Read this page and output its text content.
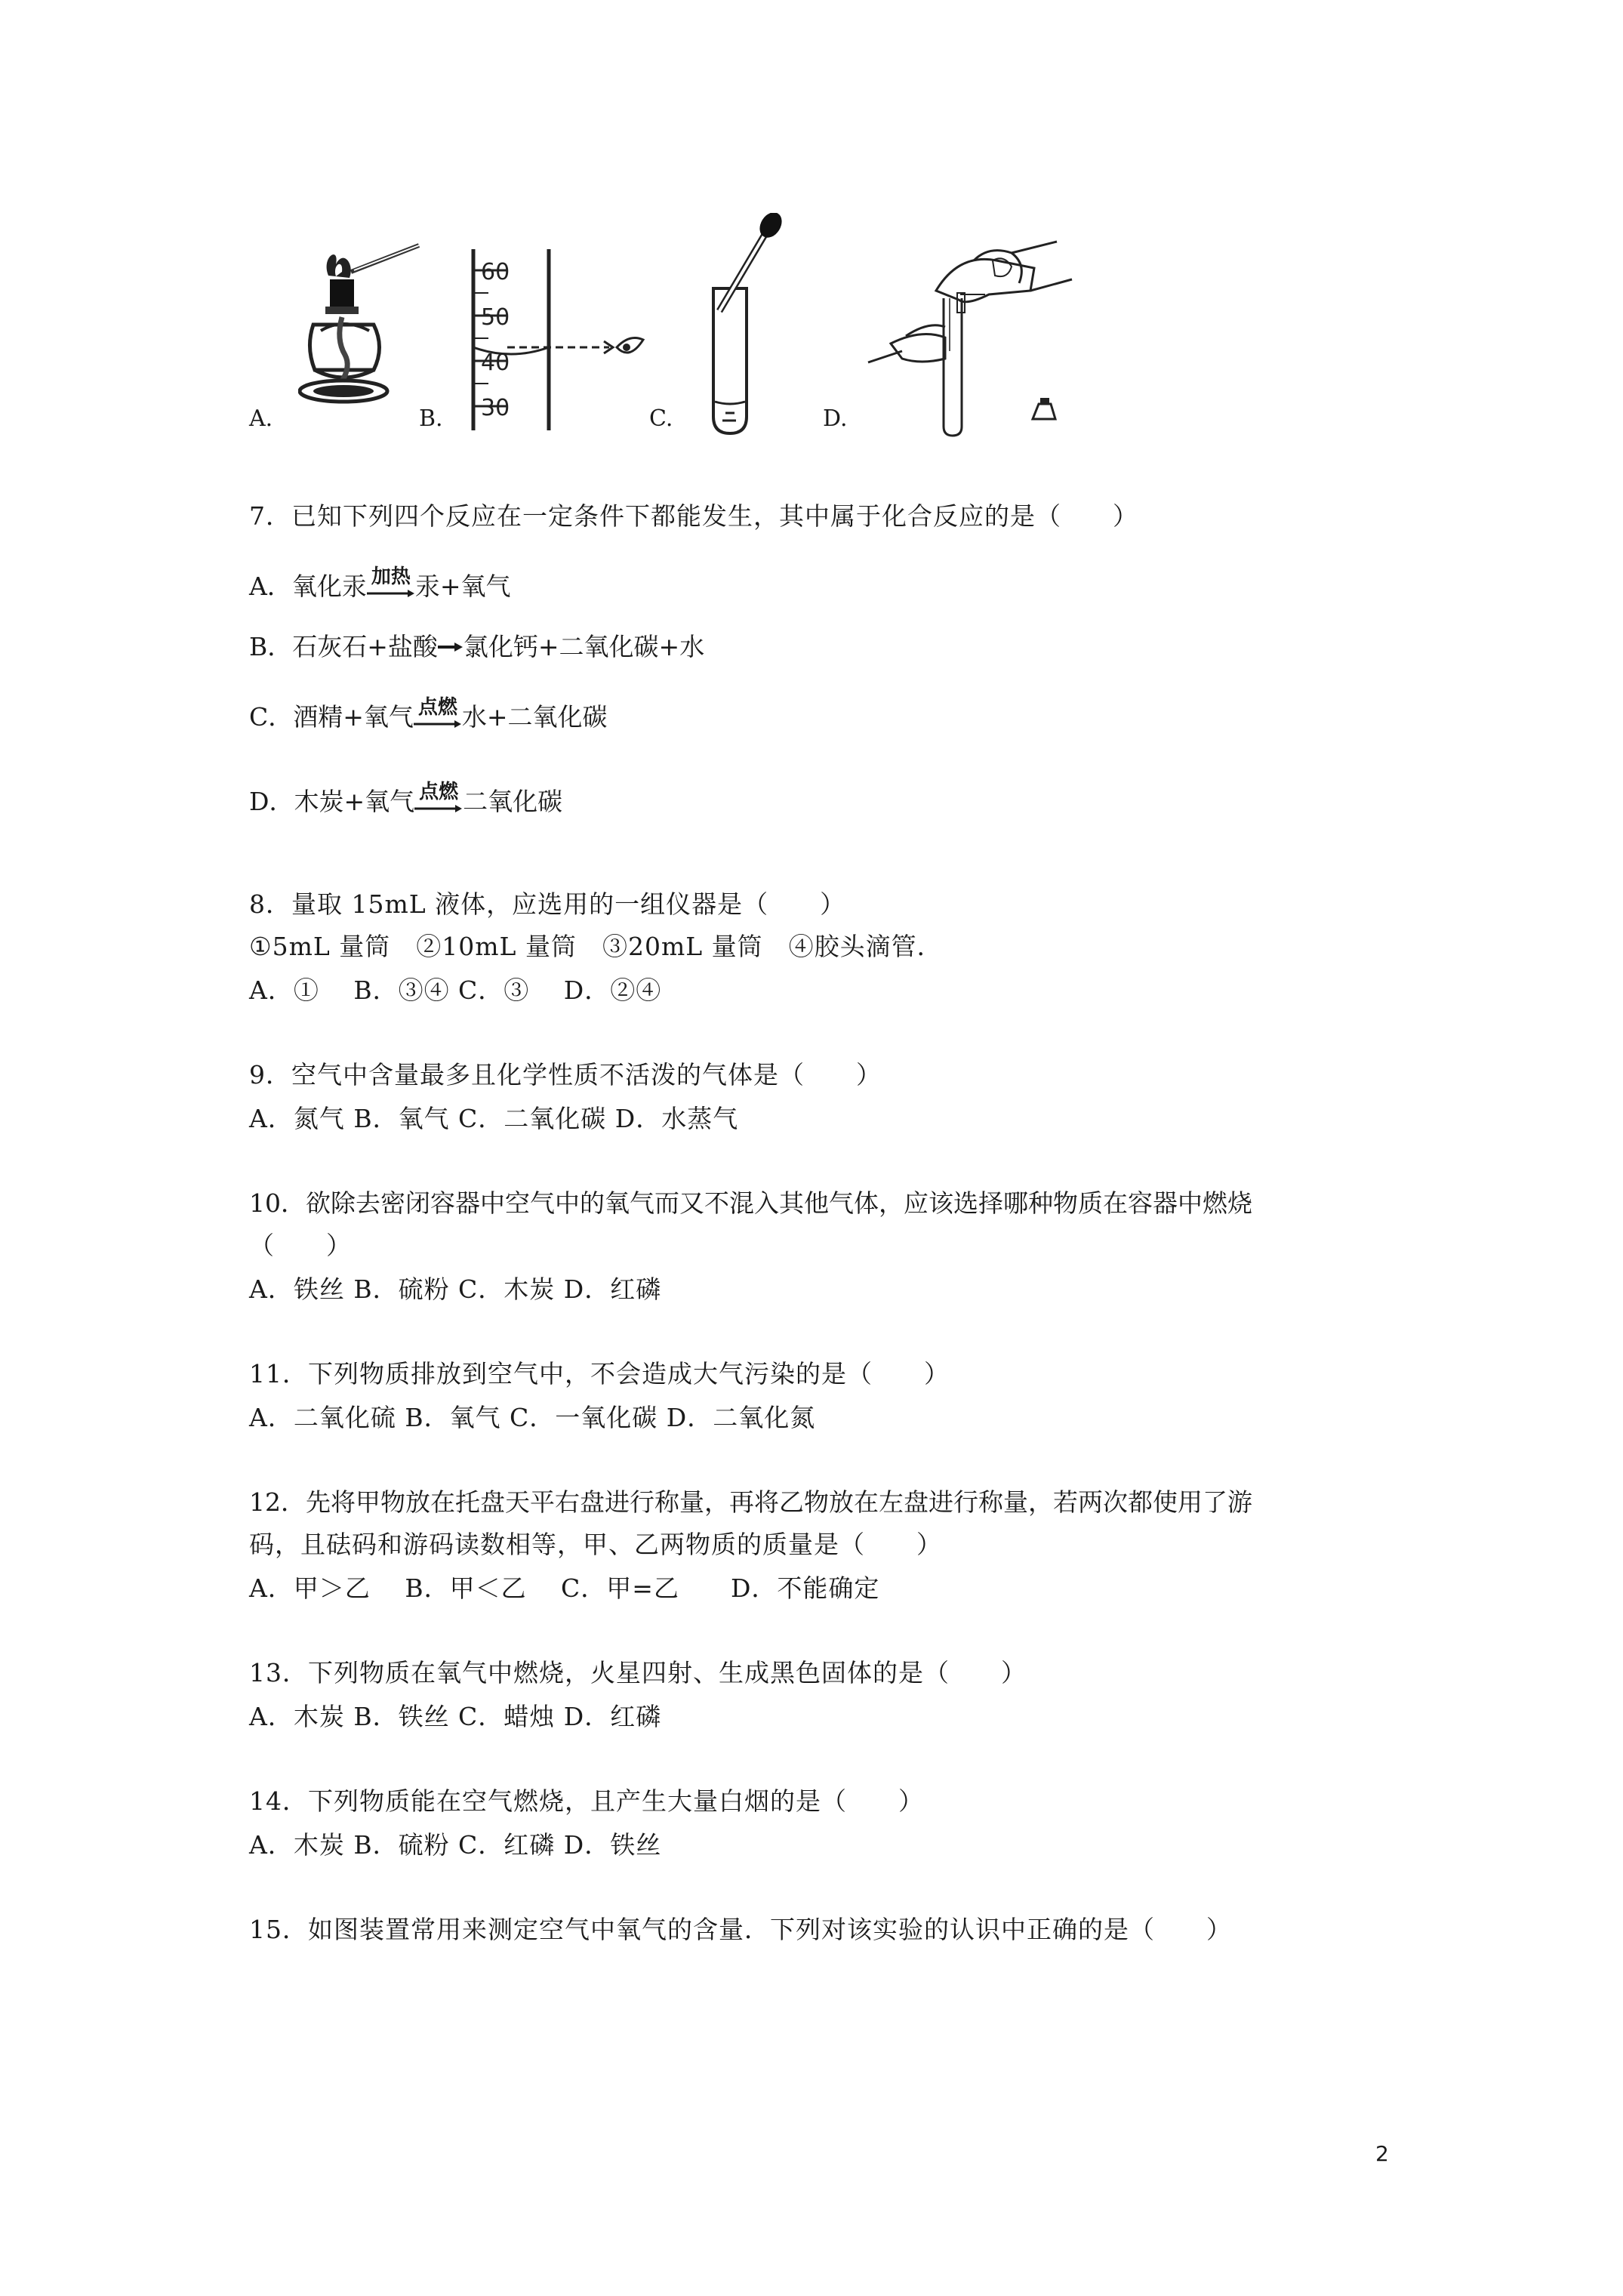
A.	B.	C.	D.
60
50
40
30
7．已知下列四个反应在一定条件下都能发生，其中属于化合反应的是（　　）
A．氧化汞 加热 汞+氧气
B．石灰石+盐酸 氯化钙+二氧化碳+水
C．酒精+氧气 点燃 水+二氧化碳
D．木炭+氧气 点燃 二氧化碳
8．量取 15mL 液体，应选用的一组仪器是（　　）
①5mL 量筒　②10mL 量筒　③20mL 量筒　④胶头滴管．
A．①　 B．③④ C．③　 D．②④
9．空气中含量最多且化学性质不活泼的气体是（　　）
A．氮气 B．氧气 C．二氧化碳 D．水蒸气
10．欲除去密闭容器中空气中的氧气而又不混入其他气体，应该选择哪种物质在容器中燃烧
（　　）
A．铁丝 B．硫粉 C．木炭 D．红磷
11．下列物质排放到空气中，不会造成大气污染的是（　　）
A．二氧化硫 B．氧气 C．一氧化碳 D．二氧化氮
12．先将甲物放在托盘天平右盘进行称量，再将乙物放在左盘进行称量，若两次都使用了游
码，且砝码和游码读数相等，甲、乙两物质的质量是（　　）
A．甲＞乙　 B．甲＜乙　 C．甲=乙　　D．不能确定
13．下列物质在氧气中燃烧，火星四射、生成黑色固体的是（　　）
A．木炭 B．铁丝 C．蜡烛 D．红磷
14．下列物质能在空气燃烧，且产生大量白烟的是（　　）
A．木炭 B．硫粉 C．红磷 D．铁丝
15．如图装置常用来测定空气中氧气的含量．下列对该实验的认识中正确的是（　　）
2
